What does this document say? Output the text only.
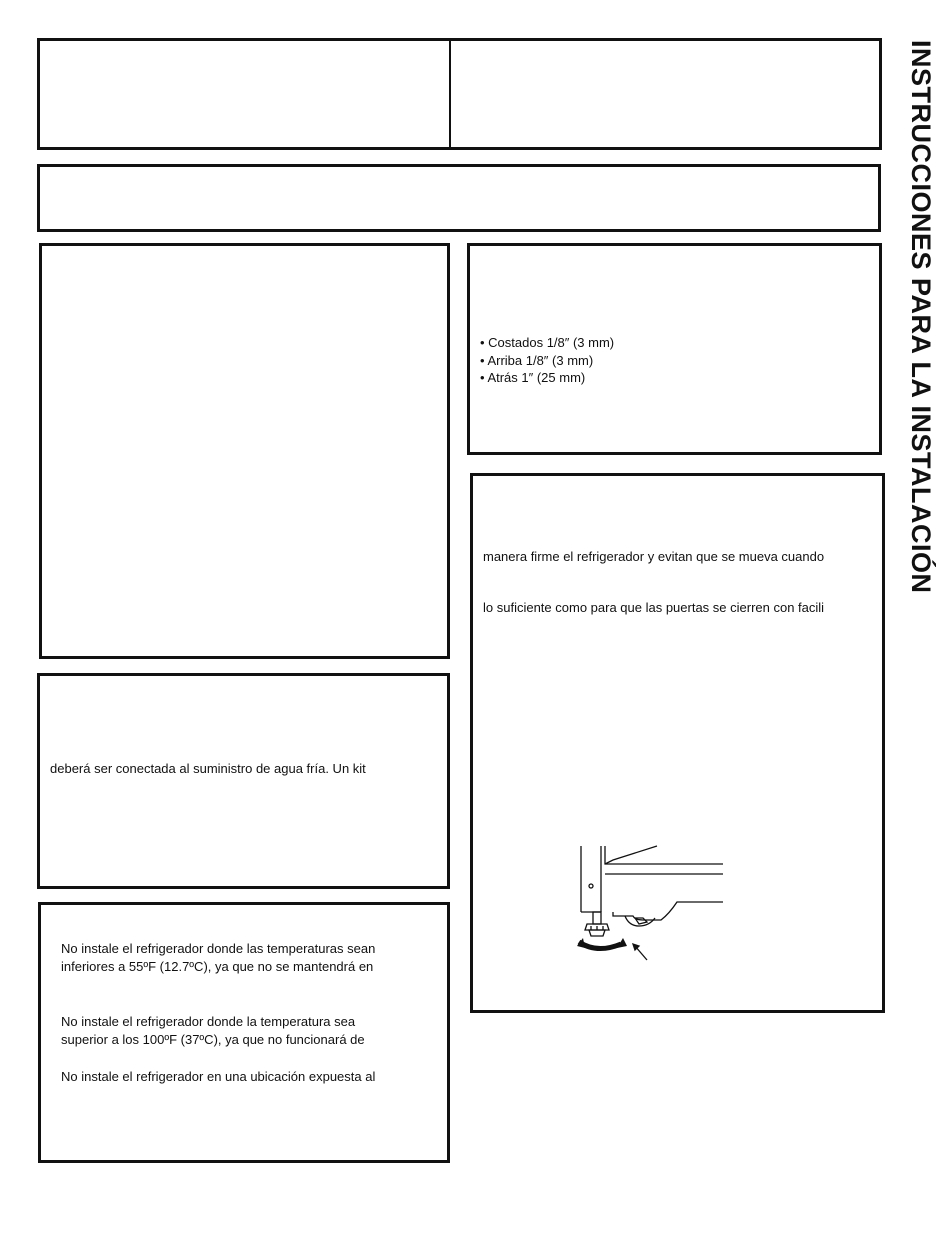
deberá ser conectada al suministro de agua fría. Un kit
No instale el refrigerador donde las temperaturas sean
inferiores a 55ºF (12.7ºC), ya que no se mantendrá en
No instale el refrigerador donde la temperatura sea
superior a los 100ºF (37ºC), ya que no funcionará de
No instale el refrigerador en una ubicación expuesta al
• Costados 1/8″ (3 mm)
• Arriba 1/8″ (3 mm)
• Atrás 1″ (25 mm)
manera firme el refrigerador y evitan que se mueva cuando
lo suficiente como para que las puertas se cierren con facili
INSTRUCCIONES PARA LA INSTALACIÓN
